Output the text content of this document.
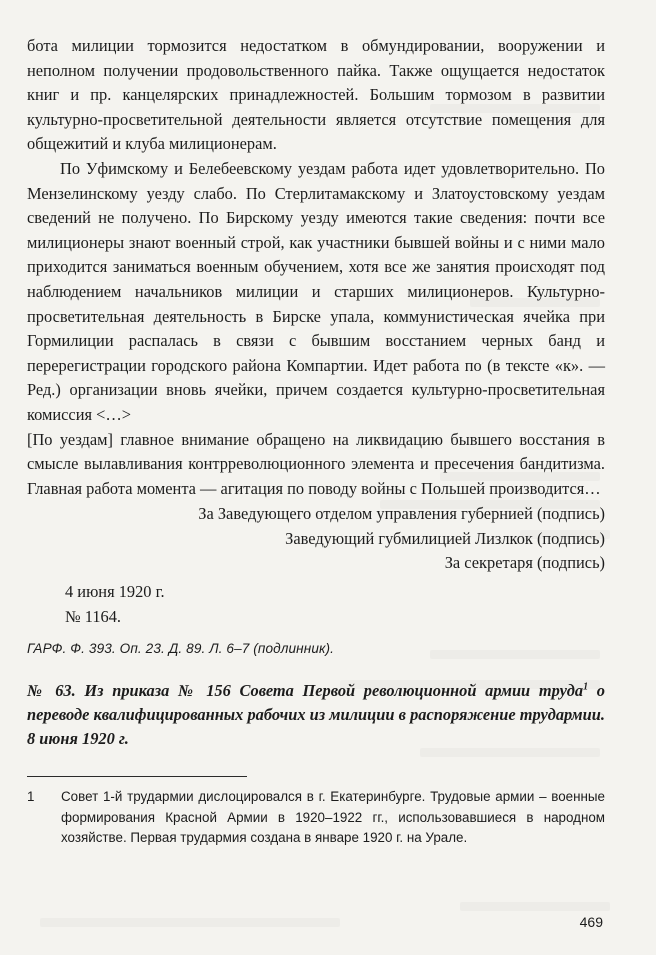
бота милиции тормозится недостатком в обмундировании, вооружении и неполном получении продовольственного пайка. Также ощущается недостаток книг и пр. канцелярских принадлежностей. Большим тормозом в развитии культурно-просветительной деятельности является отсутствие помещения для общежитий и клуба милиционерам.

По Уфимскому и Белебеевскому уездам работа идет удовлетворительно. По Мензелинскому уезду слабо. По Стерлитамакскому и Златоустовскому уездам сведений не получено. По Бирскому уезду имеются такие сведения: почти все милиционеры знают военный строй, как участники бывшей войны и с ними мало приходится заниматься военным обучением, хотя все же занятия происходят под наблюдением начальников милиции и старших милиционеров. Культурно-просветительная деятельность в Бирске упала, коммунистическая ячейка при Гормилиции распалась в связи с бывшим восстанием черных банд и перерегистрации городского района Компартии. Идет работа по (в тексте «к». — Ред.) организации вновь ячейки, причем создается культурно-просветительная комиссия <…>

[По уездам] главное внимание обращено на ликвидацию бывшего восстания в смысле вылавливания контрреволюционного элемента и пресечения бандитизма. Главная работа момента — агитация по поводу войны с Польшей производится…

За Заведующего отделом управления губернией (подпись)

Заведующий губмилицией Лизлкок (подпись)

За секретаря (подпись)

4 июня 1920 г.
№ 1164.
ГАРФ. Ф. 393. Оп. 23. Д. 89. Л. 6–7 (подлинник).
№ 63. Из приказа № 156 Совета Первой революционной армии труда$^1$ о переводе квалифицированных рабочих из милиции в распоряжение трудармии. 8 июня 1920 г.
1	Совет 1-й трудармии дислоцировался в г. Екатеринбурге. Трудовые армии – военные формирования Красной Армии в 1920–1922 гг., использовавшиеся в народном хозяйстве. Первая трудармия создана в январе 1920 г. на Урале.
469
